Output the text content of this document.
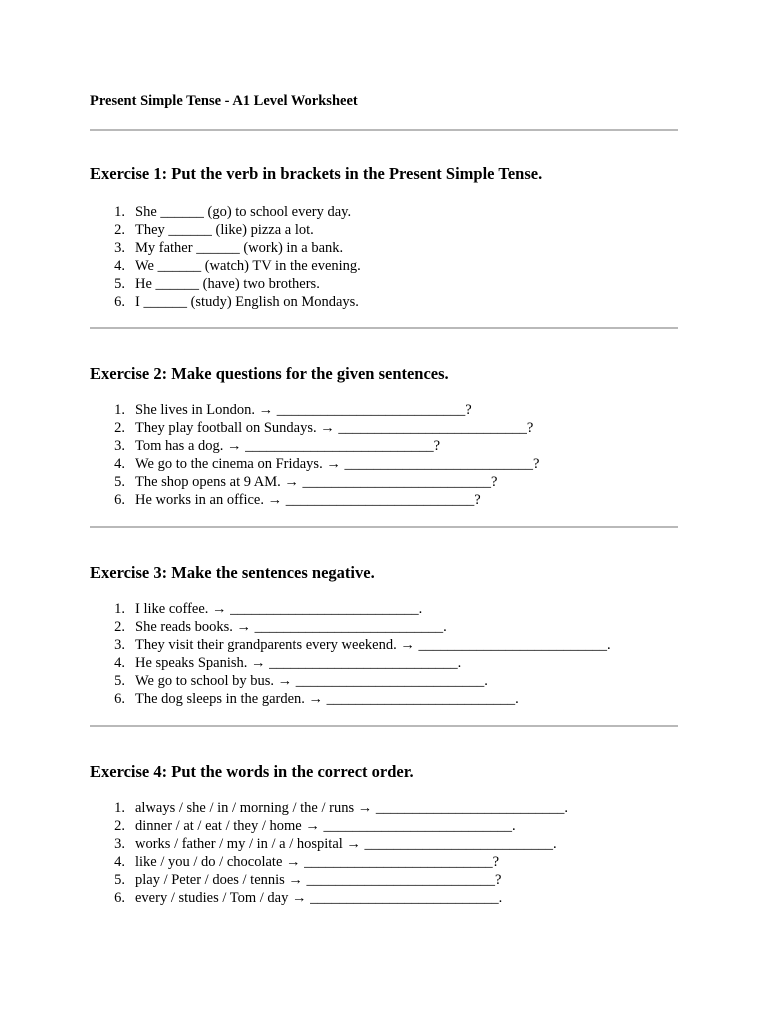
Present Simple Tense - A1 Level Worksheet
Exercise 1: Put the verb in brackets in the Present Simple Tense.
1. She ______ (go) to school every day.
2. They ______ (like) pizza a lot.
3. My father ______ (work) in a bank.
4. We ______ (watch) TV in the evening.
5. He ______ (have) two brothers.
6. I ______ (study) English on Mondays.
Exercise 2: Make questions for the given sentences.
1. She lives in London. → __________________________?
2. They play football on Sundays. → __________________________?
3. Tom has a dog. → __________________________?
4. We go to the cinema on Fridays. → __________________________?
5. The shop opens at 9 AM. → __________________________?
6. He works in an office. → __________________________?
Exercise 3: Make the sentences negative.
1. I like coffee. → __________________________.
2. She reads books. → __________________________.
3. They visit their grandparents every weekend. → __________________________.
4. He speaks Spanish. → __________________________.
5. We go to school by bus. → __________________________.
6. The dog sleeps in the garden. → __________________________.
Exercise 4: Put the words in the correct order.
1. always / she / in / morning / the / runs → __________________________.
2. dinner / at / eat / they / home → __________________________.
3. works / father / my / in / a / hospital → __________________________.
4. like / you / do / chocolate → __________________________?
5. play / Peter / does / tennis → __________________________?
6. every / studies / Tom / day → __________________________.
